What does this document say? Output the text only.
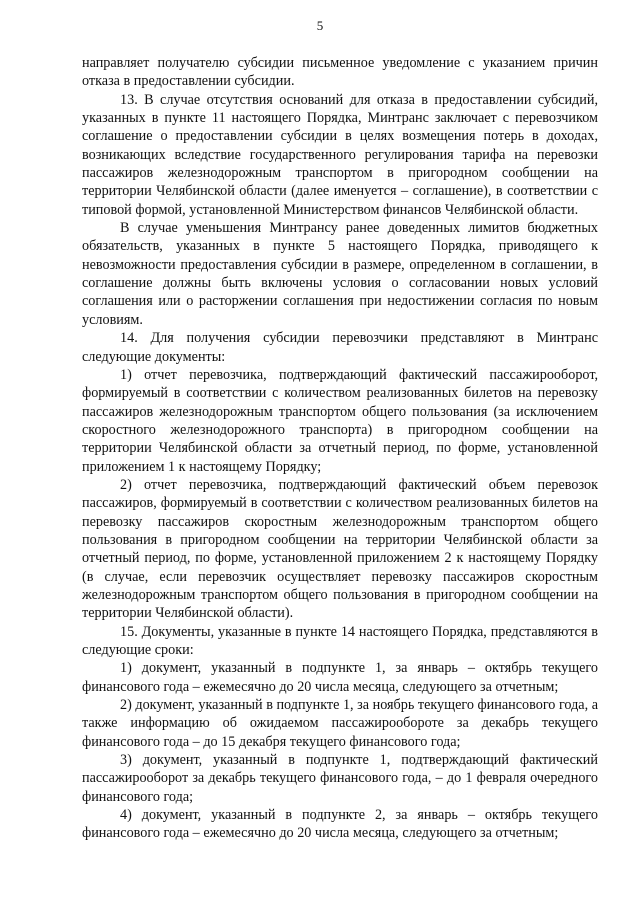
5

направляет получателю субсидии письменное уведомление с указанием причин отказа в предоставлении субсидии.

13. В случае отсутствия оснований для отказа в предоставлении субсидий, указанных в пункте 11 настоящего Порядка, Минтранс заключает с перевозчиком соглашение о предоставлении субсидии в целях возмещения потерь в доходах, возникающих вследствие государственного регулирования тарифа на перевозки пассажиров железнодорожным транспортом в пригородном сообщении на территории Челябинской области (далее именуется – соглашение), в соответствии с типовой формой, установленной Министерством финансов Челябинской области.

В случае уменьшения Минтрансу ранее доведенных лимитов бюджетных обязательств, указанных в пункте 5 настоящего Порядка, приводящего к невозможности предоставления субсидии в размере, определенном в соглашении, в соглашение должны быть включены условия о согласовании новых условий соглашения или о расторжении соглашения при недостижении согласия по новым условиям.

14. Для получения субсидии перевозчики представляют в Минтранс следующие документы:

1) отчет перевозчика, подтверждающий фактический пассажирооборот, формируемый в соответствии с количеством реализованных билетов на перевозку пассажиров железнодорожным транспортом общего пользования (за исключением скоростного железнодорожного транспорта) в пригородном сообщении на территории Челябинской области за отчетный период, по форме, установленной приложением 1 к настоящему Порядку;

2) отчет перевозчика, подтверждающий фактический объем перевозок пассажиров, формируемый в соответствии с количеством реализованных билетов на перевозку пассажиров скоростным железнодорожным транспортом общего пользования в пригородном сообщении на территории Челябинской области за отчетный период, по форме, установленной приложением 2 к настоящему Порядку (в случае, если перевозчик осуществляет перевозку пассажиров скоростным железнодорожным транспортом общего пользования в пригородном сообщении на территории Челябинской области).

15. Документы, указанные в пункте 14 настоящего Порядка, представляются в следующие сроки:

1) документ, указанный в подпункте 1, за январь – октябрь текущего финансового года – ежемесячно до 20 числа месяца, следующего за отчетным;

2) документ, указанный в подпункте 1, за ноябрь текущего финансового года, а также информацию об ожидаемом пассажирообороте за декабрь текущего финансового года – до 15 декабря текущего финансового года;

3) документ, указанный в подпункте 1, подтверждающий фактический пассажирооборот за декабрь текущего финансового года, – до 1 февраля очередного финансового года;

4) документ, указанный в подпункте 2, за январь – октябрь текущего финансового года – ежемесячно до 20 числа месяца, следующего за отчетным;
